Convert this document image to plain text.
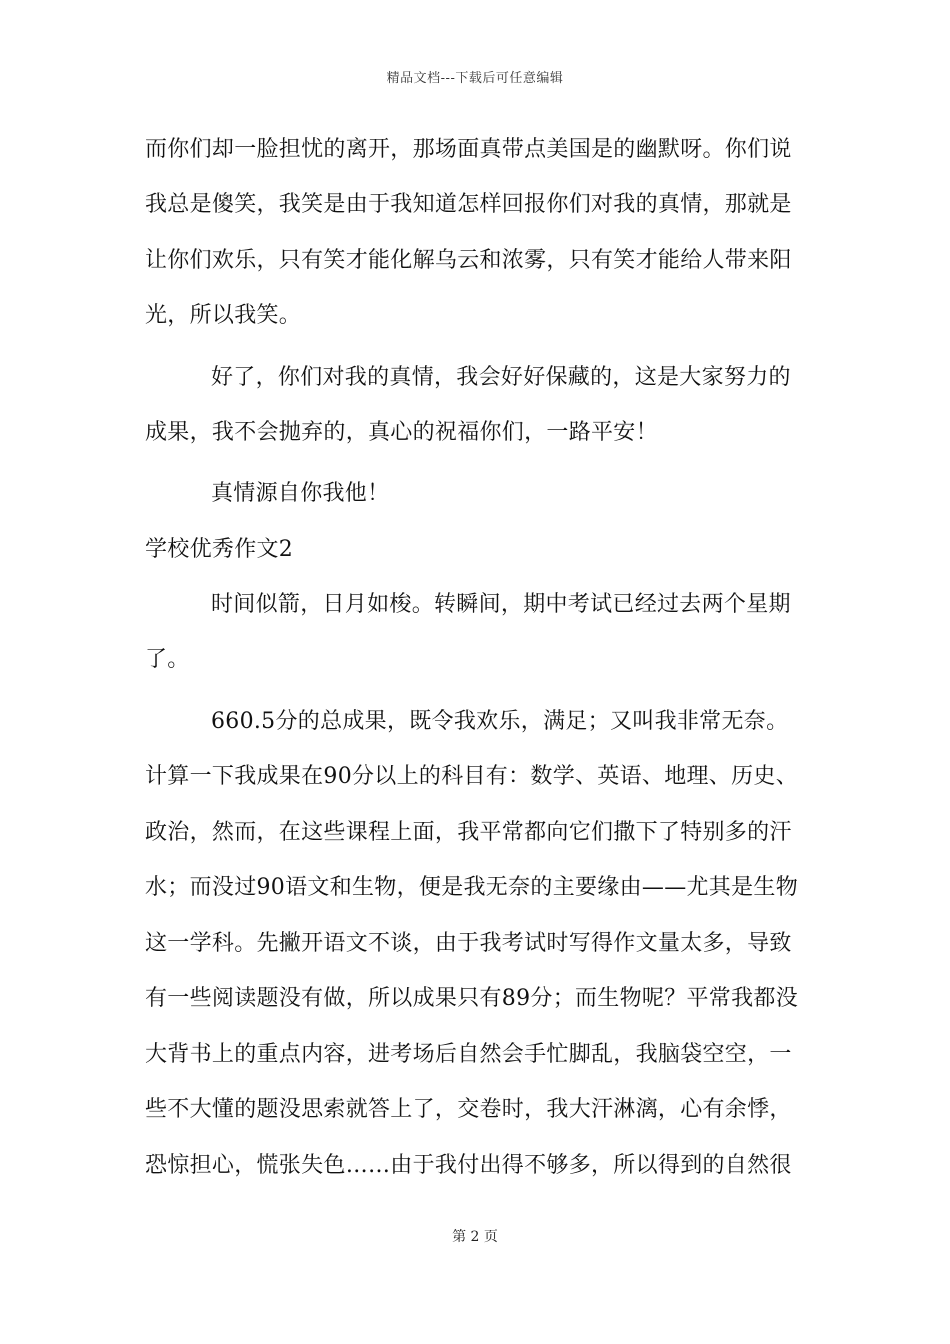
精品文档---下载后可任意编辑
而你们却一脸担忧的离开，那场面真带点美国是的幽默呀。你们说
我总是傻笑，我笑是由于我知道怎样回报你们对我的真情，那就是
让你们欢乐，只有笑才能化解乌云和浓雾，只有笑才能给人带来阳
光，所以我笑。
好了，你们对我的真情，我会好好保藏的，这是大家努力的
成果，我不会抛弃的，真心的祝福你们，一路平安！
真情源自你我他！
学校优秀作文2
时间似箭，日月如梭。转瞬间，期中考试已经过去两个星期
了。
660.5分的总成果，既令我欢乐，满足；又叫我非常无奈。
计算一下我成果在90分以上的科目有：数学、英语、地理、历史、
政治，然而，在这些课程上面，我平常都向它们撒下了特别多的汗
水；而没过90语文和生物，便是我无奈的主要缘由——尤其是生物
这一学科。先撇开语文不谈，由于我考试时写得作文量太多，导致
有一些阅读题没有做，所以成果只有89分；而生物呢？平常我都没
大背书上的重点内容，进考场后自然会手忙脚乱，我脑袋空空，一
些不大懂的题没思索就答上了，交卷时，我大汗淋漓，心有余悸，
恐惊担心，慌张失色……由于我付出得不够多，所以得到的自然很
第 2 页
